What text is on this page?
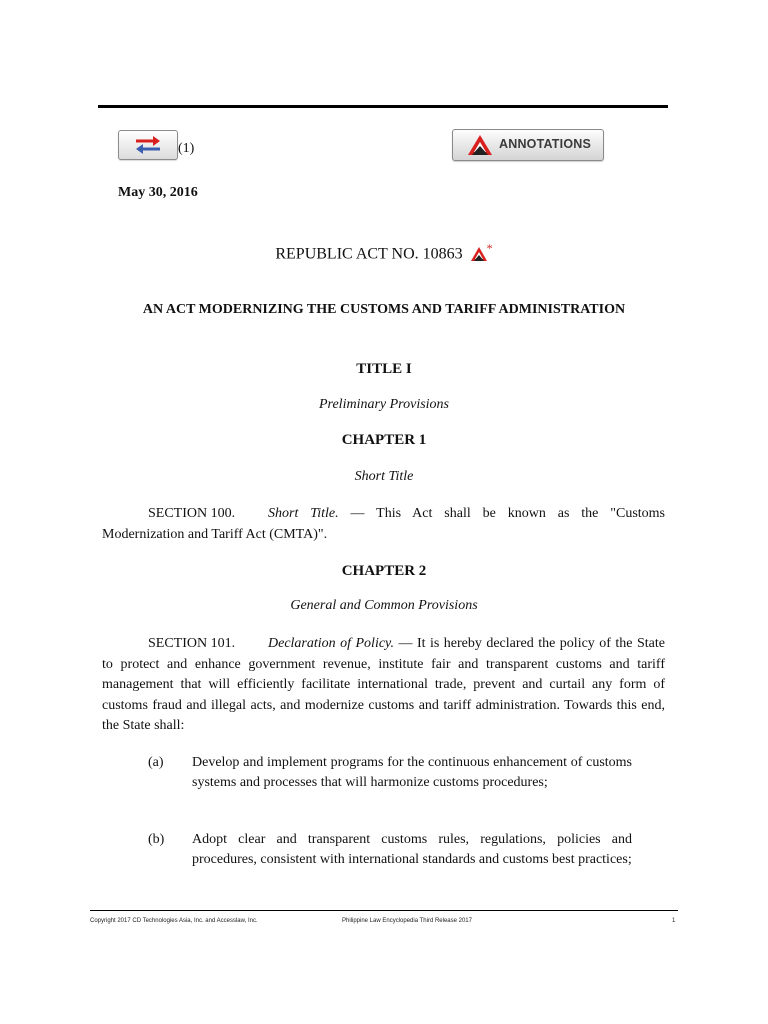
(1)	ANNOTATIONS
May 30, 2016
REPUBLIC ACT NO. 10863 *
AN ACT MODERNIZING THE CUSTOMS AND TARIFF ADMINISTRATION
TITLE I
Preliminary Provisions
CHAPTER 1
Short Title

SECTION 100. Short Title. — This Act shall be known as the "Customs Modernization and Tariff Act (CMTA)".

CHAPTER 2
General and Common Provisions

SECTION 101. Declaration of Policy. — It is hereby declared the policy of the State to protect and enhance government revenue, institute fair and transparent customs and tariff management that will efficiently facilitate international trade, prevent and curtail any form of customs fraud and illegal acts, and modernize customs and tariff administration. Towards this end, the State shall:

(a) Develop and implement programs for the continuous enhancement of customs systems and processes that will harmonize customs procedures;
(b) Adopt clear and transparent customs rules, regulations, policies and procedures, consistent with international standards and customs best practices;
Copyright 2017 CD Technologies Asia, Inc. and Accesslaw, Inc.	Philippine Law Encyclopedia Third Release 2017	1
